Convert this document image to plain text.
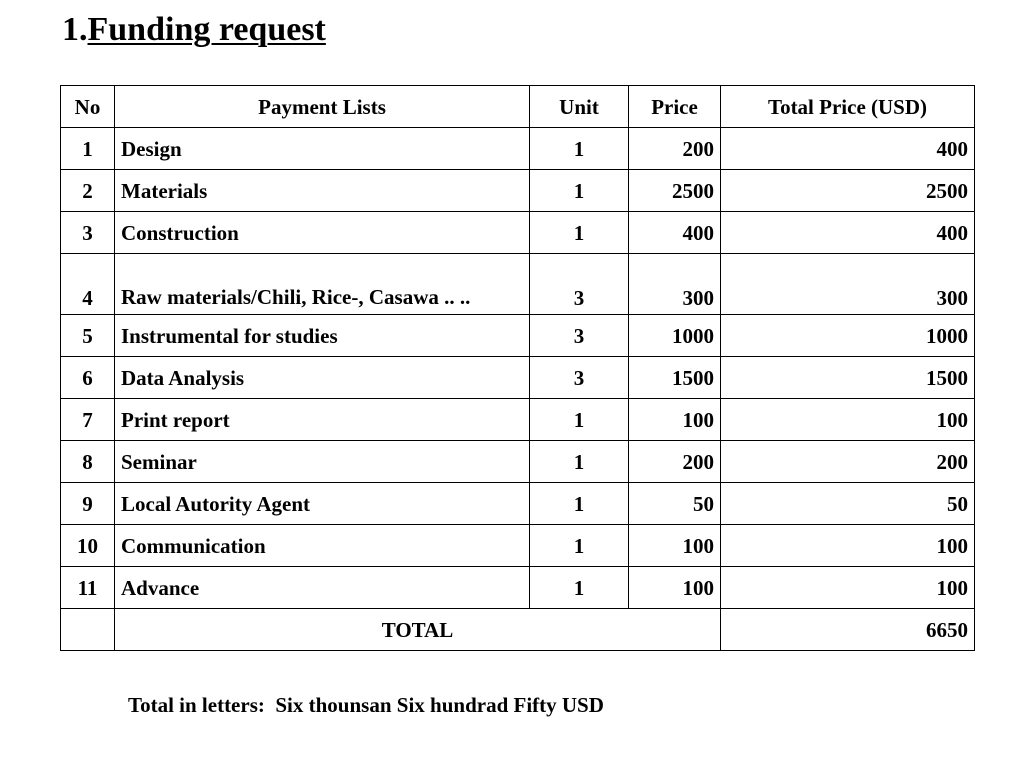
1.Funding request
No	Payment Lists	Unit	Price	Total Price (USD)
1	Design	1	200	400
2	Materials	1	2500	2500
3	Construction	1	400	400
4	Raw materials/Chili, Rice-, Casawa .. ..	3	300	300
5	Instrumental for studies	3	1000	1000
6	Data Analysis	3	1500	1500
7	Print report	1	100	100
8	Seminar	1	200	200
9	Local Autority Agent	1	50	50
10	Communication	1	100	100
11	Advance	1	100	100
	TOTAL			6650
Total in letters:  Six thounsan Six hundrad Fifty USD
